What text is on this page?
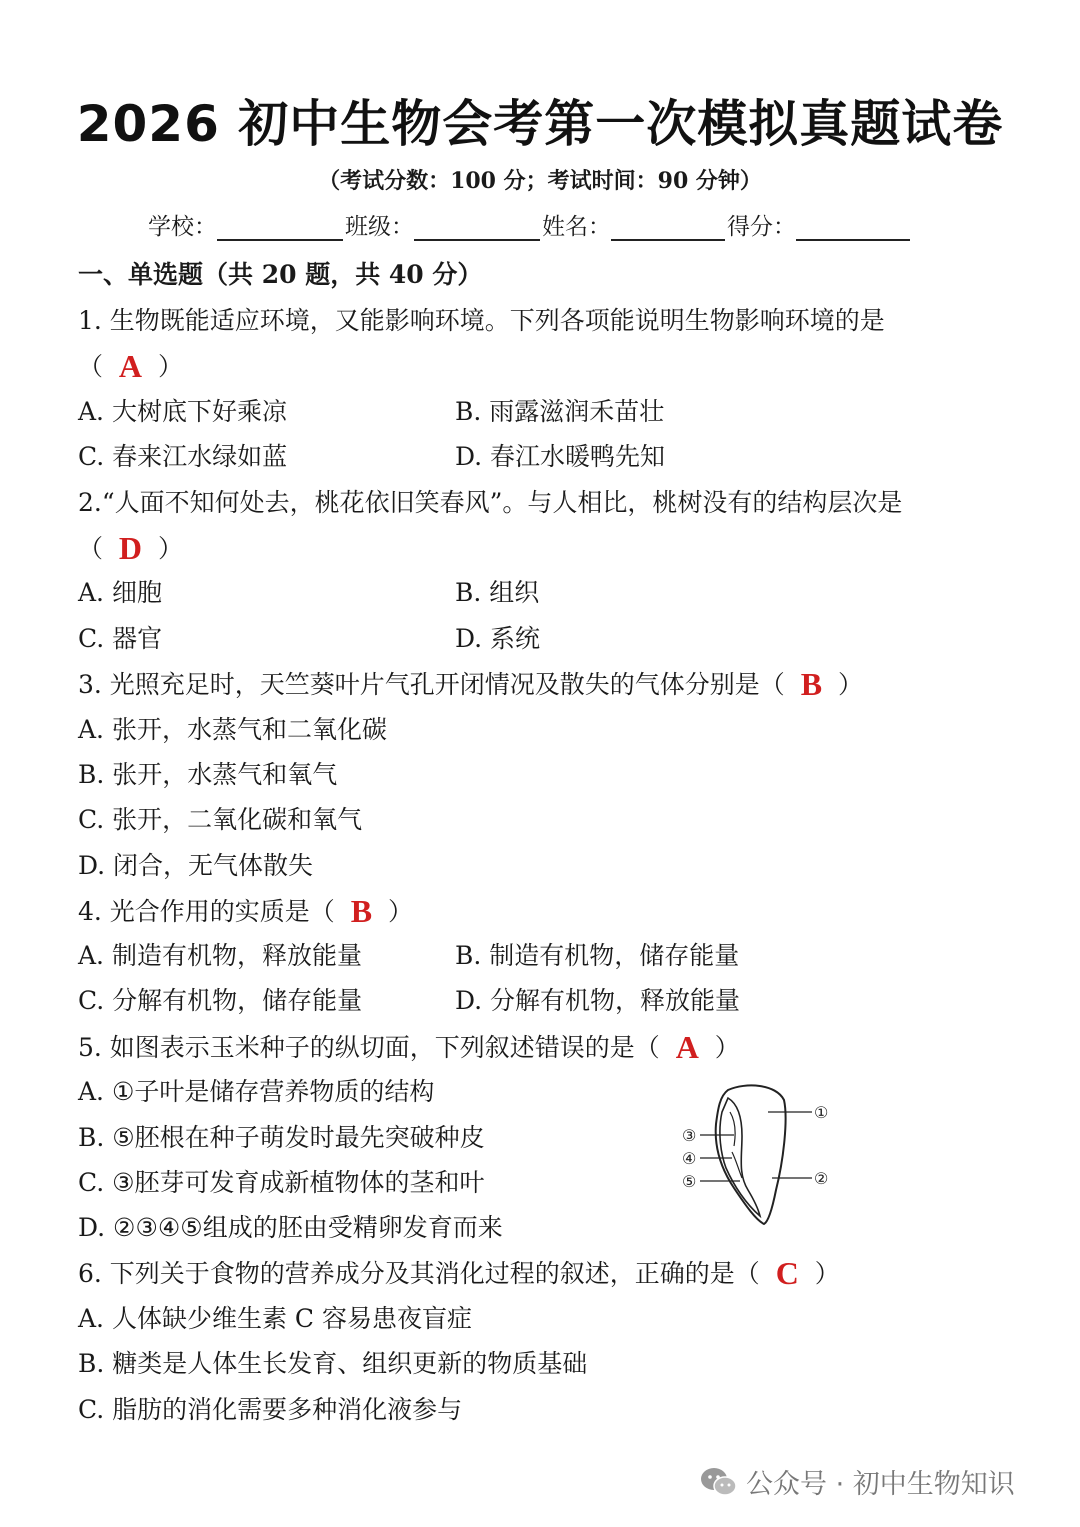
2026 初中生物会考第一次模拟真题试卷
（考试分数：100 分；考试时间：90 分钟）
学校：	班级：	姓名：	得分：
一、单选题（共 20 题，共 40 分）
1. 生物既能适应环境，又能影响环境。下列各项能说明生物影响环境的是
（ A ）
A. 大树底下好乘凉	B. 雨露滋润禾苗壮
C. 春来江水绿如蓝	D. 春江水暖鸭先知
2.“人面不知何处去，桃花依旧笑春风”。与人相比，桃树没有的结构层次是
（ D ）
A. 细胞	B. 组织
C. 器官	D. 系统
3. 光照充足时，天竺葵叶片气孔开闭情况及散失的气体分别是（ B ）
A. 张开，水蒸气和二氧化碳
B. 张开，水蒸气和氧气
C. 张开，二氧化碳和氧气
D. 闭合，无气体散失
4. 光合作用的实质是（ B ）
A. 制造有机物，释放能量	B. 制造有机物，储存能量
C. 分解有机物，储存能量	D. 分解有机物，释放能量
5. 如图表示玉米种子的纵切面，下列叙述错误的是（ A ）
A. ①子叶是储存营养物质的结构
B. ⑤胚根在种子萌发时最先突破种皮
C. ③胚芽可发育成新植物体的茎和叶
D. ②③④⑤组成的胚由受精卵发育而来
①
②
③
④
⑤
6. 下列关于食物的营养成分及其消化过程的叙述，正确的是（ C ）
A. 人体缺少维生素 C 容易患夜盲症
B. 糖类是人体生长发育、组织更新的物质基础
C. 脂肪的消化需要多种消化液参与
公众号 · 初中生物知识
